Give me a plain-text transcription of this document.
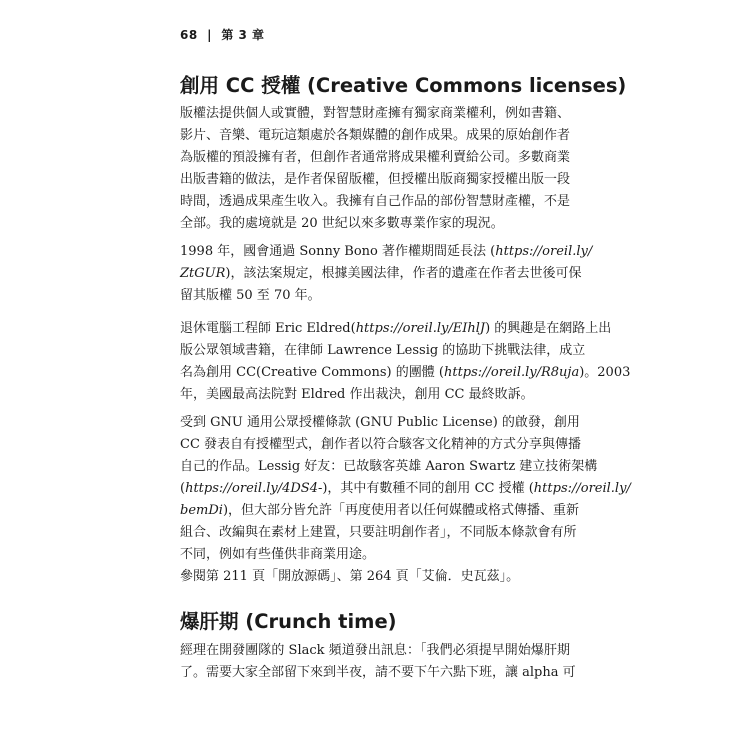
68 | 第 3 章
創用 CC 授權 (Creative Commons licenses)
版權法提供個人或實體，對智慧財產擁有獨家商業權利，例如書籍、
影片、音樂、電玩這類處於各類媒體的創作成果。成果的原始創作者
為版權的預設擁有者，但創作者通常將成果權利賣給公司。多數商業
出版書籍的做法，是作者保留版權，但授權出版商獨家授權出版一段
時間，透過成果產生收入。我擁有自己作品的部份智慧財產權，不是
全部。我的處境就是 20 世紀以來多數專業作家的現況。
1998 年，國會通過 Sonny Bono 著作權期間延長法 (https://oreil.ly/
ZtGUR)，該法案規定，根據美國法律，作者的遺產在作者去世後可保
留其版權 50 至 70 年。
退休電腦工程師 Eric Eldred(https://oreil.ly/EIhlJ) 的興趣是在網路上出
版公眾領域書籍，在律師 Lawrence Lessig 的協助下挑戰法律，成立
名為創用 CC(Creative Commons) 的團體 (https://oreil.ly/R8uja)。2003
年，美國最高法院對 Eldred 作出裁決，創用 CC 最終敗訴。
受到 GNU 通用公眾授權條款 (GNU Public License) 的啟發，創用
CC 發表自有授權型式，創作者以符合駭客文化精神的方式分享與傳播
自己的作品。Lessig 好友：已故駭客英雄 Aaron Swartz 建立技術架構
(https://oreil.ly/4DS4-)，其中有數種不同的創用 CC 授權 (https://oreil.ly/
bemDi)，但大部分皆允許「再度使用者以任何媒體或格式傳播、重新
組合、改編與在素材上建置，只要註明創作者」，不同版本條款會有所
不同，例如有些僅供非商業用途。
參閱第 211 頁「開放源碼」、第 264 頁「艾倫．史瓦茲」。
爆肝期 (Crunch time)
經理在開發團隊的 Slack 頻道發出訊息：「我們必須提早開始爆肝期
了。需要大家全部留下來到半夜，請不要下午六點下班，讓 alpha 可
